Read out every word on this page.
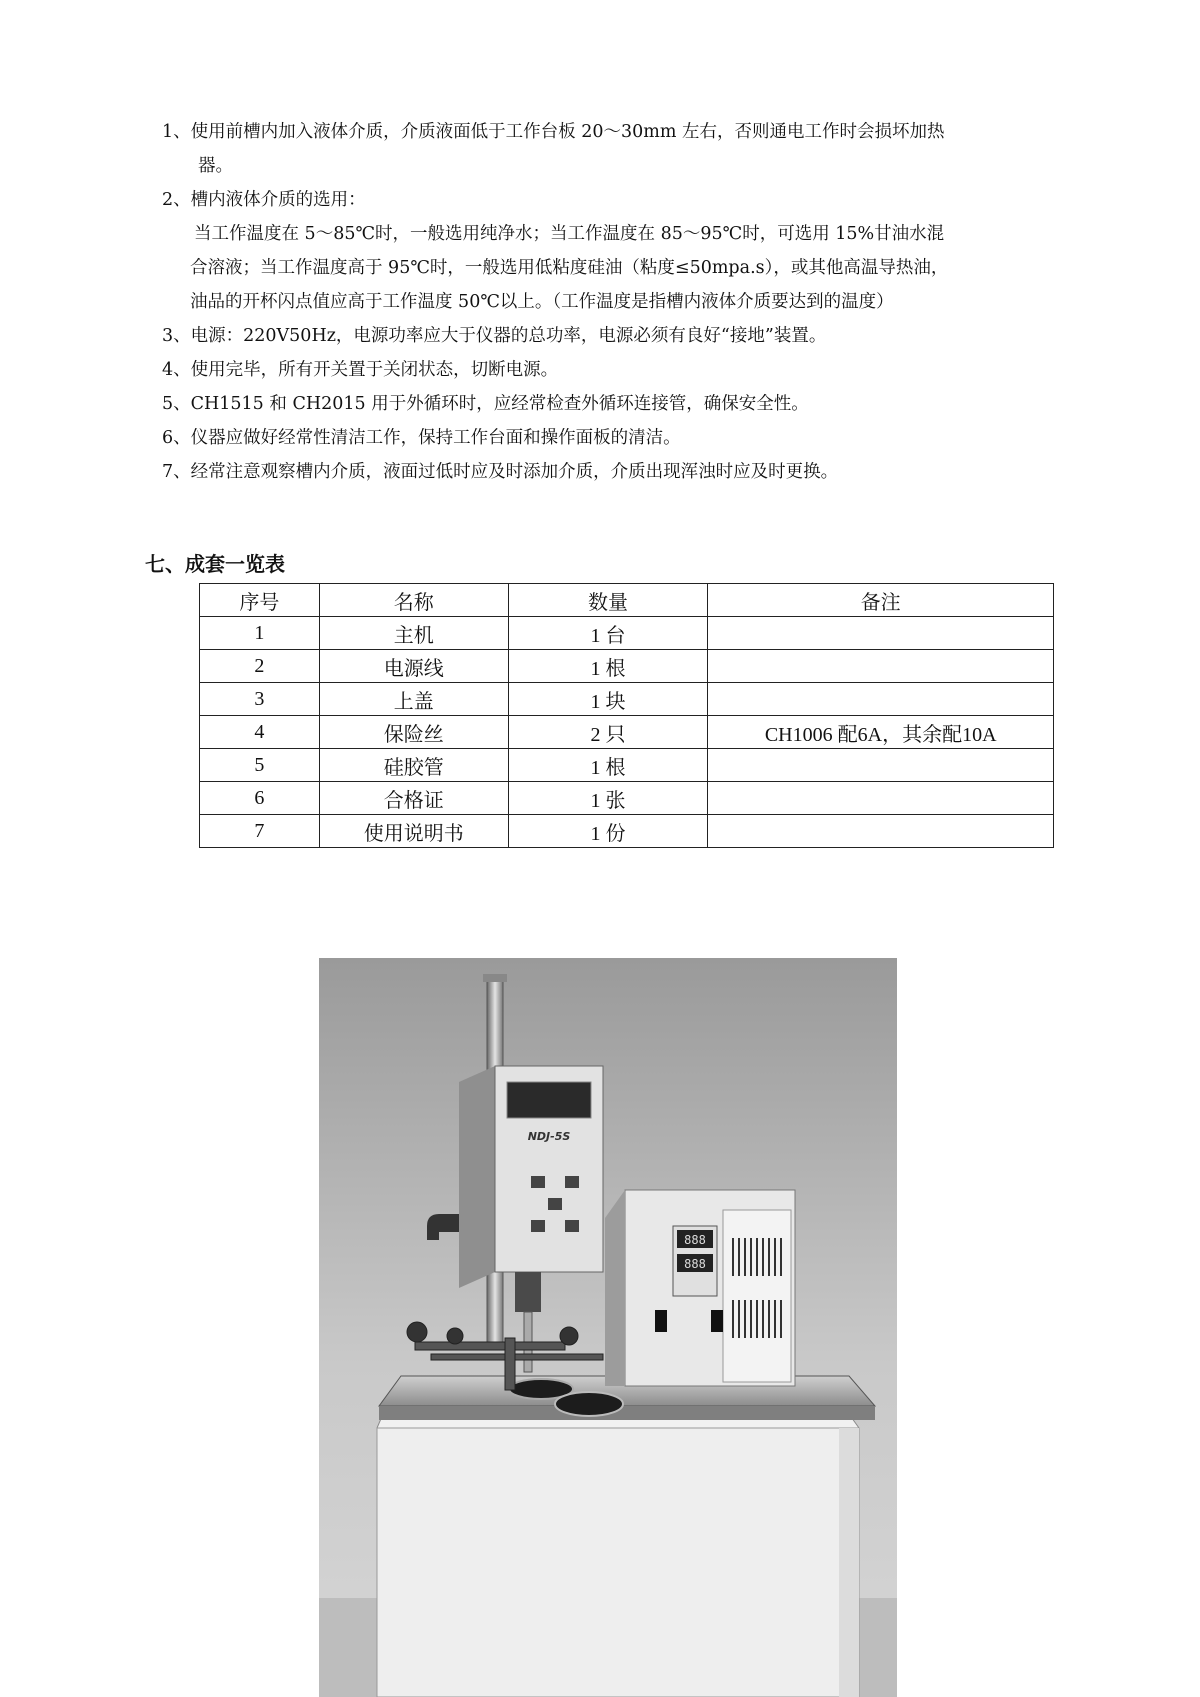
1、使用前槽内加入液体介质，介质液面低于工作台板 20～30mm 左右，否则通电工作时会损坏加热
器。
2、槽内液体介质的选用：
当工作温度在 5～85℃时，一般选用纯净水；当工作温度在 85～95℃时，可选用 15%甘油水混
合溶液；当工作温度高于 95℃时，一般选用低粘度硅油（粘度≤50mpa.s），或其他高温导热油，
油品的开杯闪点值应高于工作温度 50℃以上。（工作温度是指槽内液体介质要达到的温度）
3、电源：220V50Hz，电源功率应大于仪器的总功率，电源必须有良好“接地”装置。
4、使用完毕，所有开关置于关闭状态，切断电源。
5、CH1515 和 CH2015 用于外循环时，应经常检查外循环连接管，确保安全性。
6、仪器应做好经常性清洁工作，保持工作台面和操作面板的清洁。
7、经常注意观察槽内介质，液面过低时应及时添加介质，介质出现浑浊时应及时更换。
七、成套一览表
序号	名称	数量	备注
1	主机	1 台	
2	电源线	1 根	
3	上盖	1 块	
4	保险丝	2 只	CH1006 配6A，其余配10A
5	硅胶管	1 根	
6	合格证	1 张	
7	使用说明书	1 份	
888
888
NDJ-5S
